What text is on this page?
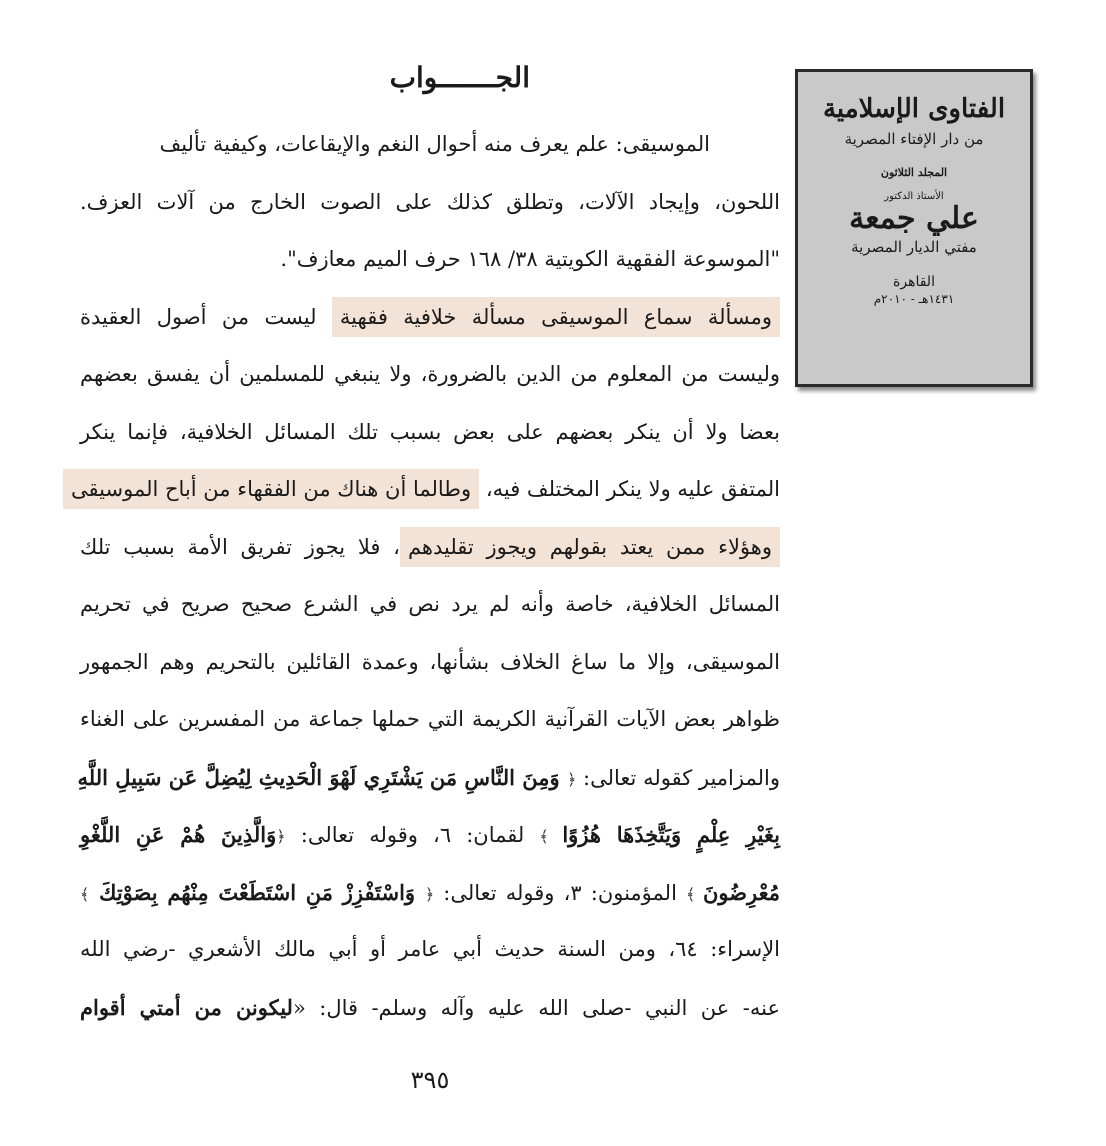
الفتاوى الإسلامية
من دار الإفتاء المصرية
المجلد الثلاثون
الأستاذ الدكتور
علي جمعة
مفتي الديار المصرية
القاهرة
١٤٣١هـ - ٢٠١٠م
الجـــــــواب
الموسيقى: علم يعرف منه أحوال النغم والإيقاعات، وكيفية تأليف
اللحون، وإيجاد الآلات، وتطلق كذلك على الصوت الخارج من آلات العزف.
"الموسوعة الفقهية الكويتية ٣٨/ ١٦٨ حرف الميم معازف".
ومسألة سماع الموسيقى مسألة خلافية فقهية ليست من أصول العقيدة
وليست من المعلوم من الدين بالضرورة، ولا ينبغي للمسلمين أن يفسق بعضهم
بعضا ولا أن ينكر بعضهم على بعض بسبب تلك المسائل الخلافية، فإنما ينكر
المتفق عليه ولا ينكر المختلف فيه، وطالما أن هناك من الفقهاء من أباح الموسيقى
وهؤلاء ممن يعتد بقولهم ويجوز تقليدهم، فلا يجوز تفريق الأمة بسبب تلك
المسائل الخلافية، خاصة وأنه لم يرد نص في الشرع صحيح صريح في تحريم
الموسيقى، وإلا ما ساغ الخلاف بشأنها، وعمدة القائلين بالتحريم وهم الجمهور
ظواهر بعض الآيات القرآنية الكريمة التي حملها جماعة من المفسرين على الغناء
والمزامير كقوله تعالى: ﴿ وَمِنَ النَّاسِ مَن يَشْتَرِي لَهْوَ الْحَدِيثِ لِيُضِلَّ عَن سَبِيلِ اللَّهِ
بِغَيْرِ عِلْمٍ وَيَتَّخِذَهَا هُزُوًا ﴾ لقمان: ٦، وقوله تعالى: ﴿وَالَّذِينَ هُمْ عَنِ اللَّغْوِ
مُعْرِضُونَ ﴾ المؤمنون: ٣، وقوله تعالى: ﴿ وَاسْتَفْزِزْ مَنِ اسْتَطَعْتَ مِنْهُم بِصَوْتِكَ ﴾
الإسراء: ٦٤، ومن السنة حديث أبي عامر أو أبي مالك الأشعري -رضي الله
عنه- عن النبي -صلى الله عليه وآله وسلم- قال: «ليكونن من أمتي أقوام
٣٩٥
